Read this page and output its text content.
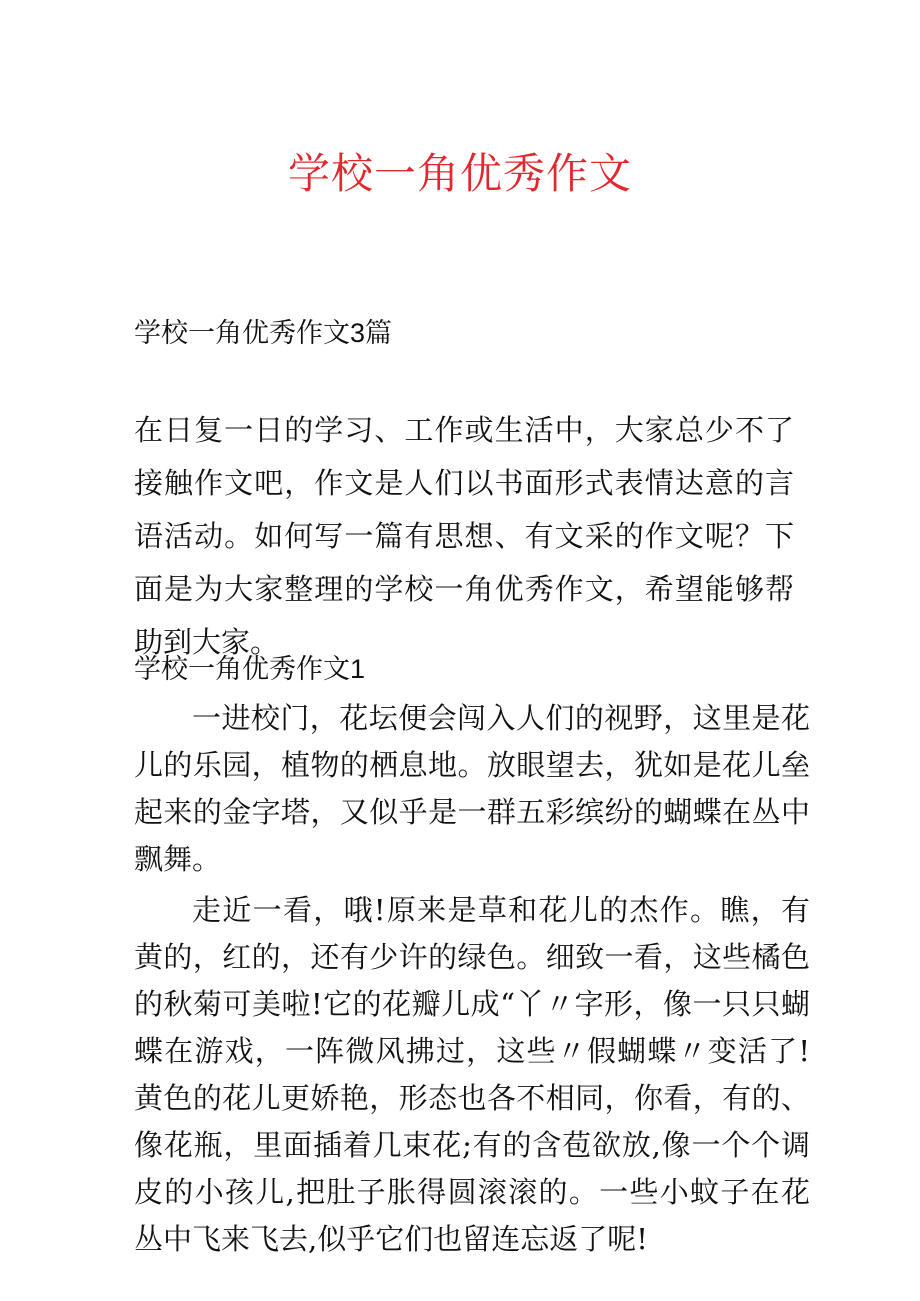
学校一角优秀作文

学校一角优秀作文3篇

在日复一日的学习、工作或生活中，大家总少不了接触作文吧，作文是人们以书面形式表情达意的言语活动。如何写一篇有思想、有文采的作文呢？下面是为大家整理的学校一角优秀作文，希望能够帮助到大家。

学校一角优秀作文1

一进校门，花坛便会闯入人们的视野，这里是花儿的乐园，植物的栖息地。放眼望去，犹如是花儿垒起来的金字塔，又似乎是一群五彩缤纷的蝴蝶在丛中飘舞。

走近一看，哦!原来是草和花儿的杰作。瞧，有黄的，红的，还有少许的绿色。细致一看，这些橘色的秋菊可美啦!它的花瓣儿成“丫〃字形，像一只只蝴蝶在游戏，一阵微风拂过，这些〃假蝴蝶〃变活了!黄色的花儿更娇艳，形态也各不相同，你看，有的、像花瓶，里面插着几束花;有的含苞欲放,像一个个调皮的小孩儿,把肚子胀得圆滚滚的。一些小蚊子在花丛中飞来飞去,似乎它们也留连忘返了呢!
